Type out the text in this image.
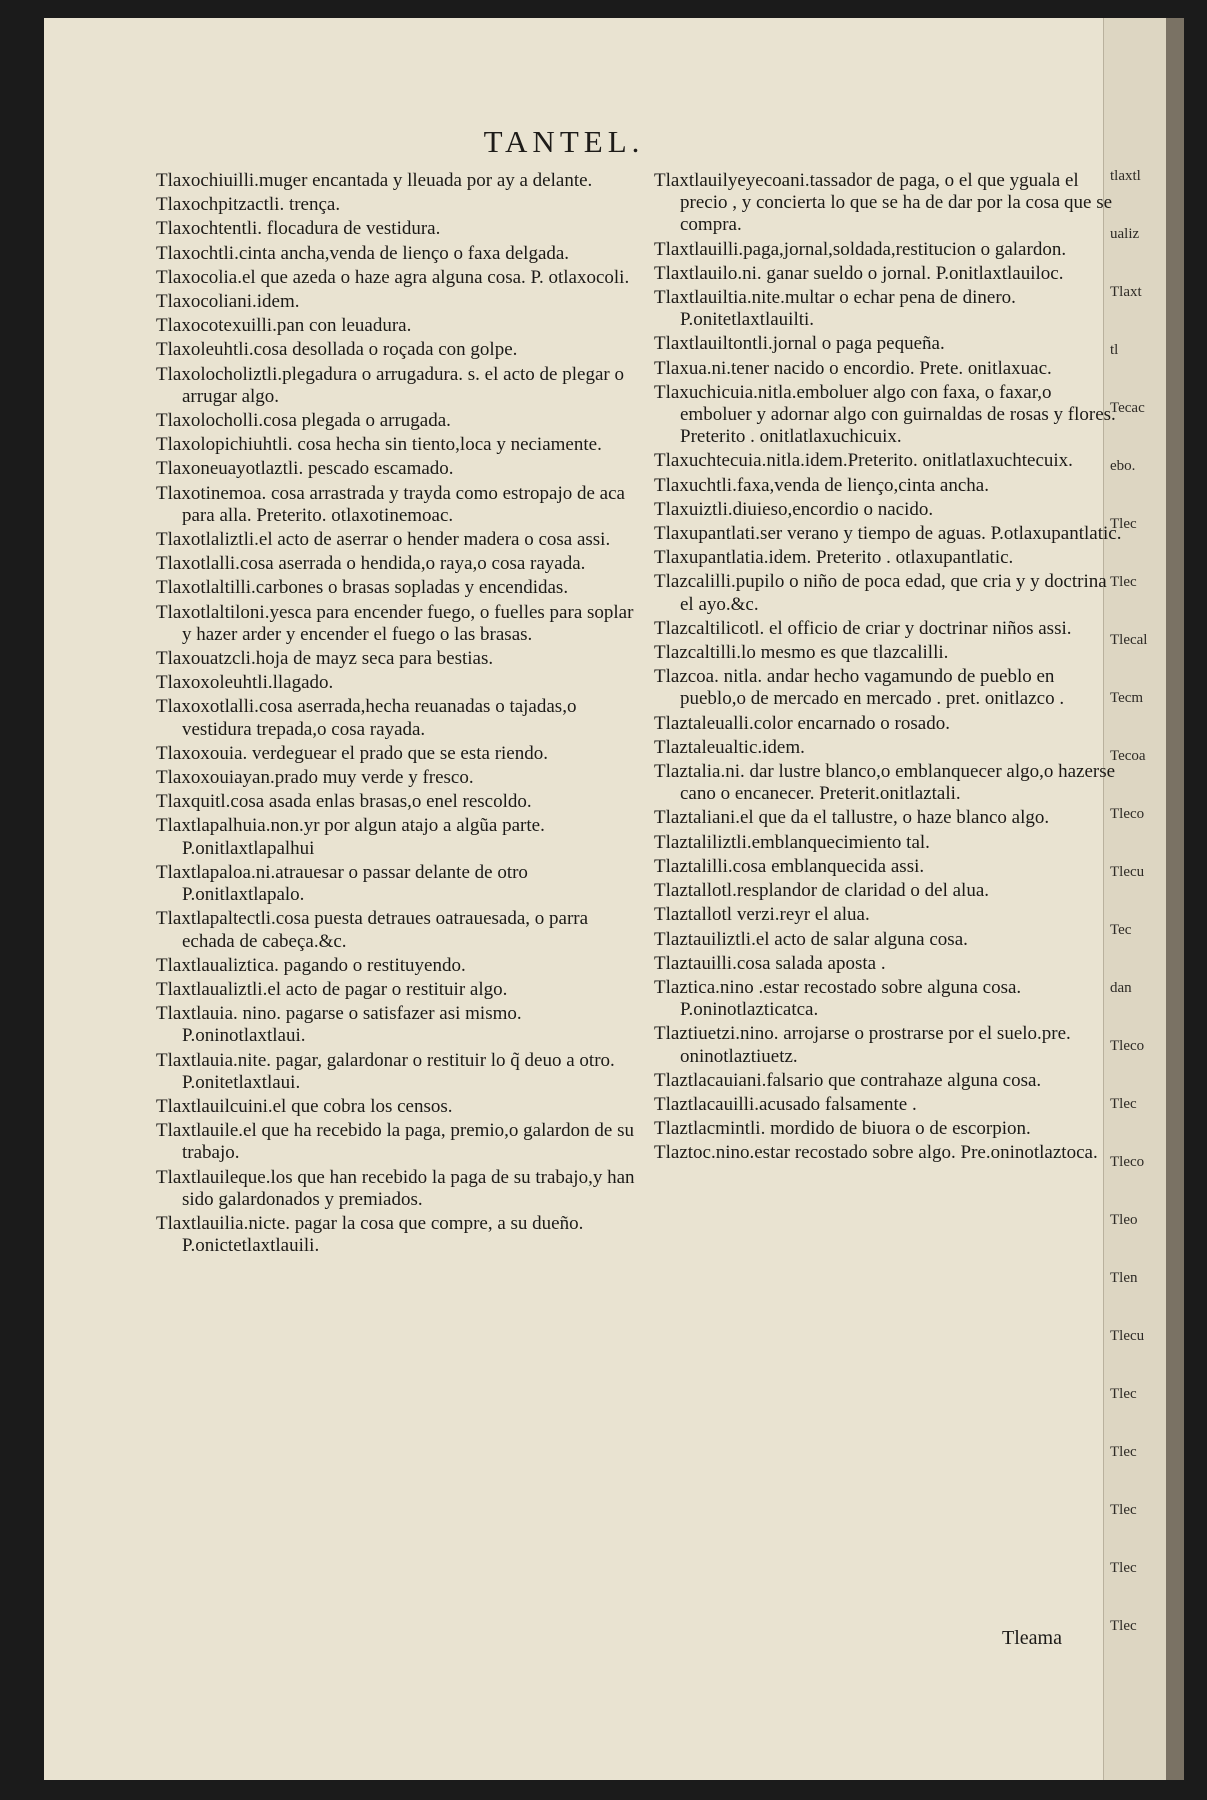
tlaxtl
ualiz
Tlaxt
tl
Tecac
ebo.
Tlec
Tlec
Tlecal
Tecm
Tecoa
Tleco
Tlecu
Tec
dan
Tleco
Tlec
Tleco
Tleo
Tlen
Tlecu
Tlec
Tlec
Tlec
Tlec
Tlec
TANTEL.
Tlaxochiuilli.muger encantada y lleuada por ay a delante.
Tlaxochpitzactli. trença.
Tlaxochtentli. flocadura de vestidura.
Tlaxochtli.cinta ancha,venda de lienço o faxa delgada.
Tlaxocolia.el que azeda o haze agra alguna cosa. P. otlaxocoli.
Tlaxocoliani.idem.
Tlaxocotexuilli.pan con leuadura.
Tlaxoleuhtli.cosa desollada o roçada con golpe.
Tlaxolocholiztli.plegadura o arrugadura. s. el acto de plegar o arrugar algo.
Tlaxolocholli.cosa plegada o arrugada.
Tlaxolopichiuhtli. cosa hecha sin tiento,loca y neciamente.
Tlaxoneuayotlaztli. pescado escamado.
Tlaxotinemoa. cosa arrastrada y trayda como estropajo de aca para alla. Preterito. otlaxotinemoac.
Tlaxotlaliztli.el acto de aserrar o hender madera o cosa assi.
Tlaxotlalli.cosa aserrada o hendida,o raya,o cosa rayada.
Tlaxotlaltilli.carbones o brasas sopladas y encendidas.
Tlaxotlaltiloni.yesca para encender fuego, o fuelles para soplar y hazer arder y encender el fuego o las brasas.
Tlaxouatzcli.hoja de mayz seca para bestias.
Tlaxoxoleuhtli.llagado.
Tlaxoxotlalli.cosa aserrada,hecha reuanadas o tajadas,o vestidura trepada,o cosa rayada.
Tlaxoxouia. verdeguear el prado que se esta riendo.
Tlaxoxouiayan.prado muy verde y fresco.
Tlaxquitl.cosa asada enlas brasas,o enel rescoldo.
Tlaxtlapalhuia.non.yr por algun atajo a algũa parte. P.onitlaxtlapalhui
Tlaxtlapaloa.ni.atrauesar o passar delante de otro P.onitlaxtlapalo.
Tlaxtlapaltectli.cosa puesta detraues oatrauesada, o parra echada de cabeça.&c.
Tlaxtlaualiztica. pagando o restituyendo.
Tlaxtlaualiztli.el acto de pagar o restituir algo.
Tlaxtlauia. nino. pagarse o satisfazer asi mismo. P.oninotlaxtlaui.
Tlaxtlauia.nite. pagar, galardonar o restituir lo q̃ deuo a otro. P.onitetlaxtlaui.
Tlaxtlauilcuini.el que cobra los censos.
Tlaxtlauile.el que ha recebido la paga, premio,o galardon de su trabajo.
Tlaxtlauileque.los que han recebido la paga de su trabajo,y han sido galardonados y premiados.
Tlaxtlauilia.nicte. pagar la cosa que compre, a su dueño. P.onictetlaxtlauili.
Tlaxtlauilyeyecoani.tassador de paga, o el que yguala el precio , y concierta lo que se ha de dar por la cosa que se compra.
Tlaxtlauilli.paga,jornal,soldada,restitucion o galardon.
Tlaxtlauilo.ni. ganar sueldo o jornal. P.onitlaxtlauiloc.
Tlaxtlauiltia.nite.multar o echar pena de dinero. P.onitetlaxtlauilti.
Tlaxtlauiltontli.jornal o paga pequeña.
Tlaxua.ni.tener nacido o encordio. Prete. onitlaxuac.
Tlaxuchicuia.nitla.emboluer algo con faxa, o faxar,o emboluer y adornar algo con guirnaldas de rosas y flores. Preterito . onitlatlaxuchicuix.
Tlaxuchtecuia.nitla.idem.Preterito. onitlatlaxuchtecuix.
Tlaxuchtli.faxa,venda de lienço,cinta ancha.
Tlaxuiztli.diuieso,encordio o nacido.
Tlaxupantlati.ser verano y tiempo de aguas. P.otlaxupantlatic.
Tlaxupantlatia.idem. Preterito . otlaxupantlatic.
Tlazcalilli.pupilo o niño de poca edad, que cria y y doctrina el ayo.&c.
Tlazcaltilicotl. el officio de criar y doctrinar niños assi.
Tlazcaltilli.lo mesmo es que tlazcalilli.
Tlazcoa. nitla. andar hecho vagamundo de pueblo en pueblo,o de mercado en mercado . pret. onitlazco .
Tlaztaleualli.color encarnado o rosado.
Tlaztaleualtic.idem.
Tlaztalia.ni. dar lustre blanco,o emblanquecer algo,o hazerse cano o encanecer. Preterit.onitlaztali.
Tlaztaliani.el que da el tallustre, o haze blanco algo.
Tlaztaliliztli.emblanquecimiento tal.
Tlaztalilli.cosa emblanquecida assi.
Tlaztallotl.resplandor de claridad o del alua.
Tlaztallotl verzi.reyr el alua.
Tlaztauiliztli.el acto de salar alguna cosa.
Tlaztauilli.cosa salada aposta .
Tlaztica.nino .estar recostado sobre alguna cosa. P.oninotlazticatca.
Tlaztiuetzi.nino. arrojarse o prostrarse por el suelo.pre. oninotlaztiuetz.
Tlaztlacauiani.falsario que contrahaze alguna cosa.
Tlaztlacauilli.acusado falsamente .
Tlaztlacmintli. mordido de biuora o de escorpion.
Tlaztoc.nino.estar recostado sobre algo. Pre.oninotlaztoca.
Tleama
